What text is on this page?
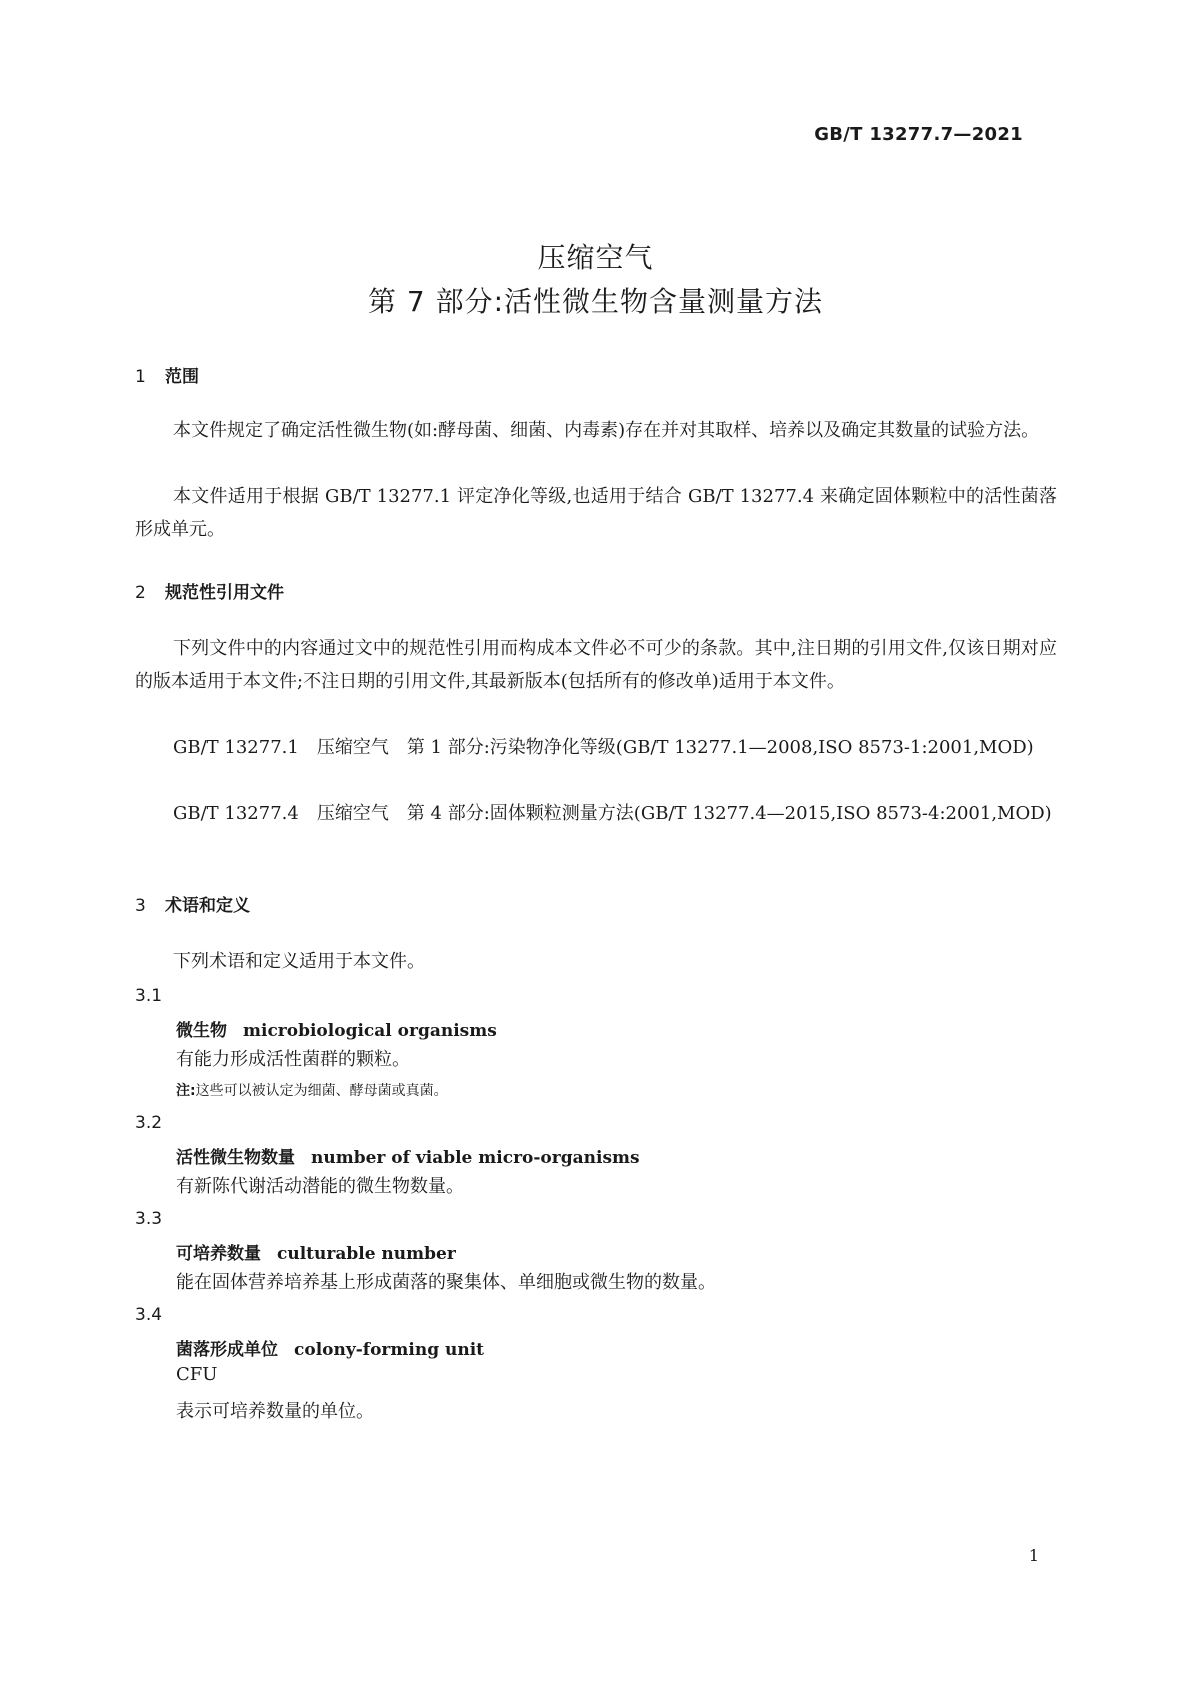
GB/T 13277.7—2021
压缩空气
第 7 部分:活性微生物含量测量方法
1 范围
本文件规定了确定活性微生物(如:酵母菌、细菌、内毒素)存在并对其取样、培养以及确定其数量的试验方法。
本文件适用于根据 GB/T 13277.1 评定净化等级,也适用于结合 GB/T 13277.4 来确定固体颗粒中的活性菌落形成单元。
2 规范性引用文件
下列文件中的内容通过文中的规范性引用而构成本文件必不可少的条款。其中,注日期的引用文件,仅该日期对应的版本适用于本文件;不注日期的引用文件,其最新版本(包括所有的修改单)适用于本文件。
GB/T 13277.1　压缩空气　第 1 部分:污染物净化等级(GB/T 13277.1—2008,ISO 8573-1:2001,MOD)
GB/T 13277.4　压缩空气　第 4 部分:固体颗粒测量方法(GB/T 13277.4—2015,ISO 8573-4:2001,MOD)
3 术语和定义
下列术语和定义适用于本文件。
3.1
微生物 microbiological organisms
有能力形成活性菌群的颗粒。
注:这些可以被认定为细菌、酵母菌或真菌。
3.2
活性微生物数量 number of viable micro-organisms
有新陈代谢活动潜能的微生物数量。
3.3
可培养数量 culturable number
能在固体营养培养基上形成菌落的聚集体、单细胞或微生物的数量。
3.4
菌落形成单位 colony-forming unit
CFU
表示可培养数量的单位。
1
